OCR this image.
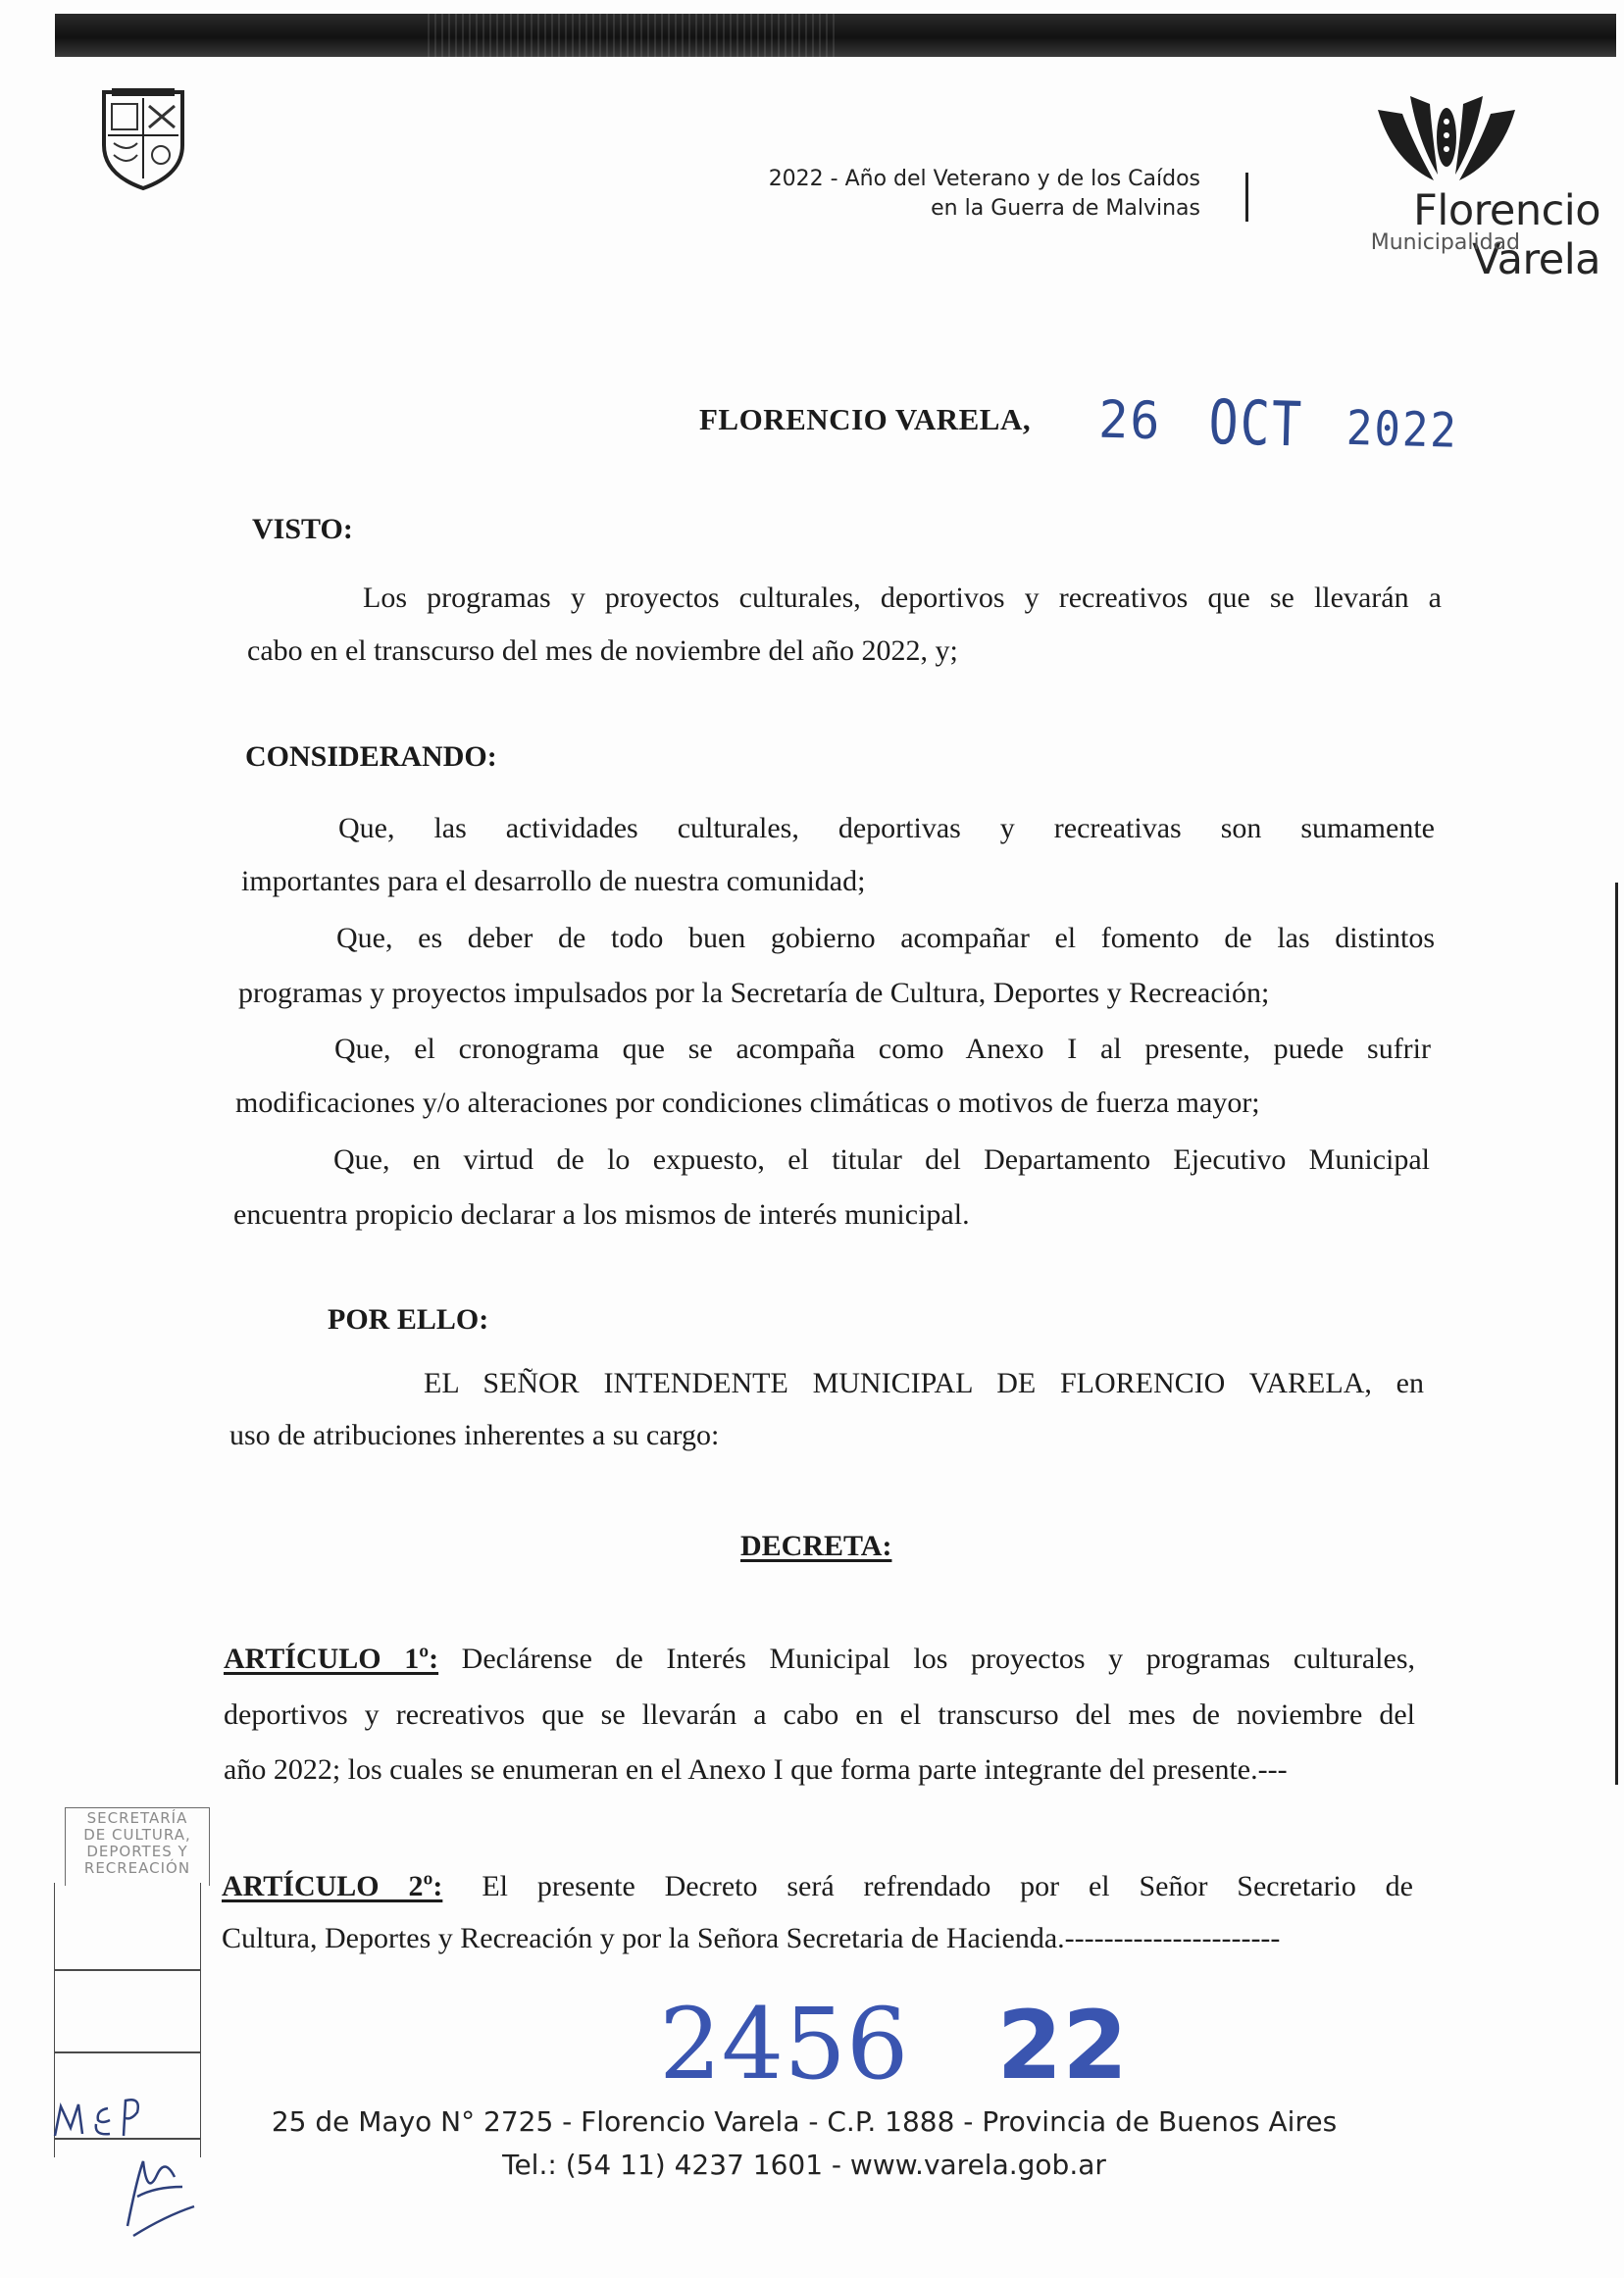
2022 - Año del Veterano y de los Caídos
en la Guerra de Malvinas	Florencio Varela
Municipalidad
FLORENCIO VARELA, 26 OCT 2022
VISTO:
Los programas y proyectos culturales, deportivos y recreativos que se llevarán a
cabo en el transcurso del mes de noviembre del año 2022, y;
CONSIDERANDO:
Que, las actividades culturales, deportivas y recreativas son sumamente
importantes para el desarrollo de nuestra comunidad;
Que, es deber de todo buen gobierno acompañar el fomento de las distintos
programas y proyectos impulsados por la Secretaría de Cultura, Deportes y Recreación;
Que, el cronograma que se acompaña como Anexo I al presente, puede sufrir
modificaciones y/o alteraciones por condiciones climáticas o motivos de fuerza mayor;
Que, en virtud de lo expuesto, el titular del Departamento Ejecutivo Municipal
encuentra propicio declarar a los mismos de interés municipal.
POR ELLO:
EL SEÑOR INTENDENTE MUNICIPAL DE FLORENCIO VARELA, en
uso de atribuciones inherentes a su cargo:
DECRETA:
ARTÍCULO 1º: Declárense de Interés Municipal los proyectos y programas culturales,
deportivos y recreativos que se llevarán a cabo en el transcurso del mes de noviembre del
año 2022; los cuales se enumeran en el Anexo I que forma parte integrante del presente.---
ARTÍCULO 2º: El presente Decreto será refrendado por el Señor Secretario de
Cultura, Deportes y Recreación y por la Señora Secretaria de Hacienda.----------------------
SECRETARÍA
DE CULTURA,
DEPORTES Y
RECREACIÓN
2456 22
25 de Mayo N° 2725 - Florencio Varela - C.P. 1888 - Provincia de Buenos Aires
Tel.: (54 11) 4237 1601 - www.varela.gob.ar
